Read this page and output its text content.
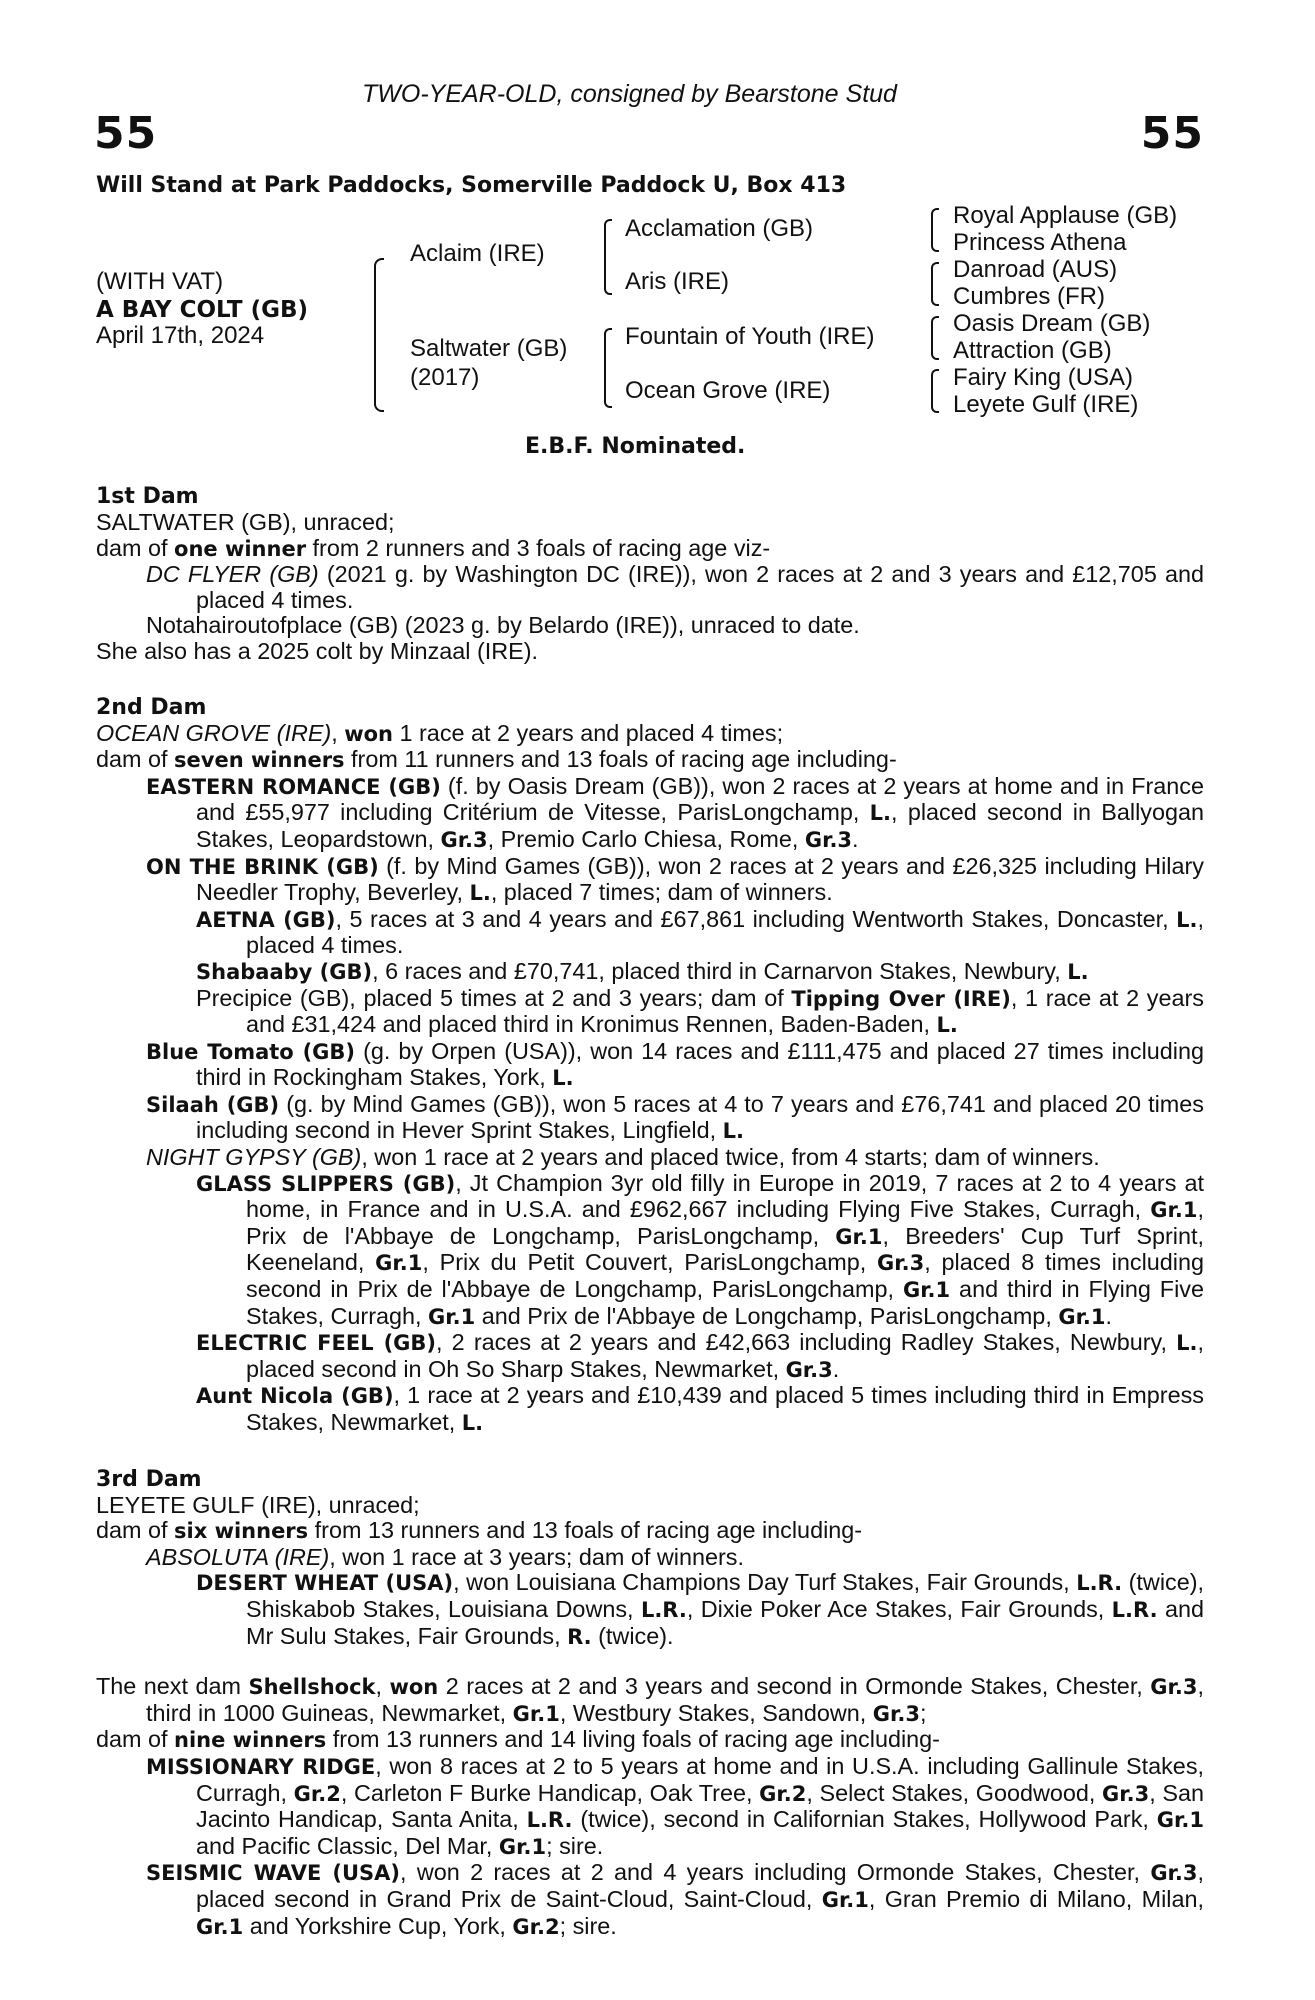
TWO-YEAR-OLD, consigned by Bearstone Stud
55	55
Will Stand at Park Paddocks, Somerville Paddock U, Box 413
(WITH VAT)
A BAY COLT (GB)
April 17th, 2024
Aclaim (IRE)
Saltwater (GB)
(2017)
Acclamation (GB)
Aris (IRE)
Fountain of Youth (IRE)
Ocean Grove (IRE)
Royal Applause (GB)
Princess Athena
Danroad (AUS)
Cumbres (FR)
Oasis Dream (GB)
Attraction (GB)
Fairy King (USA)
Leyete Gulf (IRE)
E.B.F. Nominated.

1st Dam

SALTWATER (GB), unraced;

dam of one winner from 2 runners and 3 foals of racing age viz-

DC FLYER (GB) (2021 g. by Washington DC (IRE)), won 2 races at 2 and 3 years and £12,705 and placed 4 times.

Notahairoutofplace (GB) (2023 g. by Belardo (IRE)), unraced to date.

She also has a 2025 colt by Minzaal (IRE).

2nd Dam

OCEAN GROVE (IRE), won 1 race at 2 years and placed 4 times;

dam of seven winners from 11 runners and 13 foals of racing age including-

EASTERN ROMANCE (GB) (f. by Oasis Dream (GB)), won 2 races at 2 years at home and in France and £55,977 including Critérium de Vitesse, ParisLongchamp, L., placed second in Ballyogan Stakes, Leopardstown, Gr.3, Premio Carlo Chiesa, Rome, Gr.3.

ON THE BRINK (GB) (f. by Mind Games (GB)), won 2 races at 2 years and £26,325 including Hilary Needler Trophy, Beverley, L., placed 7 times; dam of winners.

AETNA (GB), 5 races at 3 and 4 years and £67,861 including Wentworth Stakes, Doncaster, L., placed 4 times.

Shabaaby (GB), 6 races and £70,741, placed third in Carnarvon Stakes, Newbury, L.

Precipice (GB), placed 5 times at 2 and 3 years; dam of Tipping Over (IRE), 1 race at 2 years and £31,424 and placed third in Kronimus Rennen, Baden-Baden, L.

Blue Tomato (GB) (g. by Orpen (USA)), won 14 races and £111,475 and placed 27 times including third in Rockingham Stakes, York, L.

Silaah (GB) (g. by Mind Games (GB)), won 5 races at 4 to 7 years and £76,741 and placed 20 times including second in Hever Sprint Stakes, Lingfield, L.

NIGHT GYPSY (GB), won 1 race at 2 years and placed twice, from 4 starts; dam of winners.

GLASS SLIPPERS (GB), Jt Champion 3yr old filly in Europe in 2019, 7 races at 2 to 4 years at home, in France and in U.S.A. and £962,667 including Flying Five Stakes, Curragh, Gr.1, Prix de l'Abbaye de Longchamp, ParisLongchamp, Gr.1, Breeders' Cup Turf Sprint, Keeneland, Gr.1, Prix du Petit Couvert, ParisLongchamp, Gr.3, placed 8 times including second in Prix de l'Abbaye de Longchamp, ParisLongchamp, Gr.1 and third in Flying Five Stakes, Curragh, Gr.1 and Prix de l'Abbaye de Longchamp, ParisLongchamp, Gr.1.

ELECTRIC FEEL (GB), 2 races at 2 years and £42,663 including Radley Stakes, Newbury, L., placed second in Oh So Sharp Stakes, Newmarket, Gr.3.

Aunt Nicola (GB), 1 race at 2 years and £10,439 and placed 5 times including third in Empress Stakes, Newmarket, L.

3rd Dam

LEYETE GULF (IRE), unraced;

dam of six winners from 13 runners and 13 foals of racing age including-

ABSOLUTA (IRE), won 1 race at 3 years; dam of winners.

DESERT WHEAT (USA), won Louisiana Champions Day Turf Stakes, Fair Grounds, L.R. (twice), Shiskabob Stakes, Louisiana Downs, L.R., Dixie Poker Ace Stakes, Fair Grounds, L.R. and Mr Sulu Stakes, Fair Grounds, R. (twice).

The next dam Shellshock, won 2 races at 2 and 3 years and second in Ormonde Stakes, Chester, Gr.3, third in 1000 Guineas, Newmarket, Gr.1, Westbury Stakes, Sandown, Gr.3;

dam of nine winners from 13 runners and 14 living foals of racing age including-

MISSIONARY RIDGE, won 8 races at 2 to 5 years at home and in U.S.A. including Gallinule Stakes, Curragh, Gr.2, Carleton F Burke Handicap, Oak Tree, Gr.2, Select Stakes, Goodwood, Gr.3, San Jacinto Handicap, Santa Anita, L.R. (twice), second in Californian Stakes, Hollywood Park, Gr.1 and Pacific Classic, Del Mar, Gr.1; sire.

SEISMIC WAVE (USA), won 2 races at 2 and 4 years including Ormonde Stakes, Chester, Gr.3, placed second in Grand Prix de Saint-Cloud, Saint-Cloud, Gr.1, Gran Premio di Milano, Milan, Gr.1 and Yorkshire Cup, York, Gr.2; sire.
